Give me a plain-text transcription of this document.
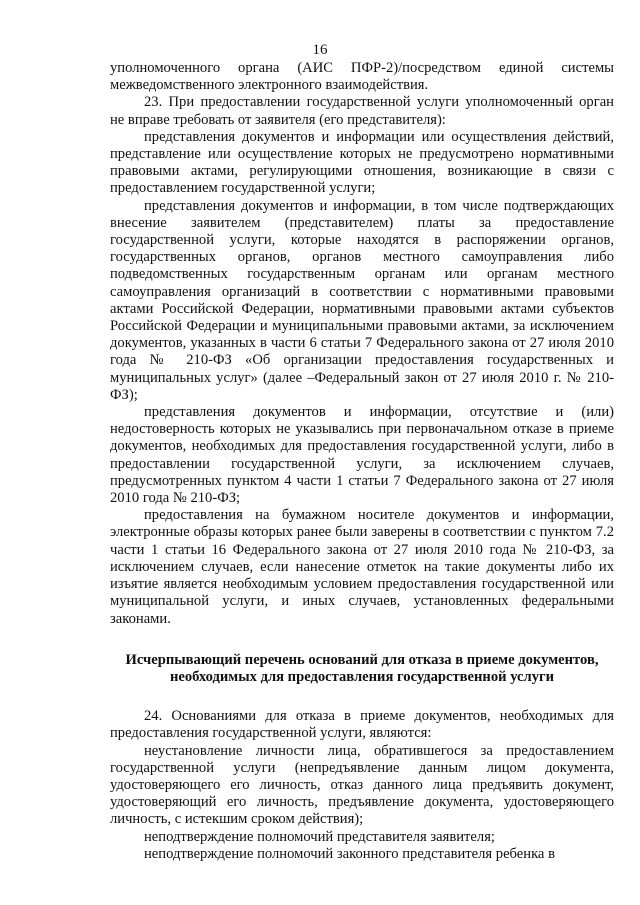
16

уполномоченного органа (АИС ПФР-2)/посредством единой системы межведомственного электронного взаимодействия.

23. При предоставлении государственной услуги уполномоченный орган не вправе требовать от заявителя (его представителя):

представления документов и информации или осуществления действий, представление или осуществление которых не предусмотрено нормативными правовыми актами, регулирующими отношения, возникающие в связи с предоставлением государственной услуги;

представления документов и информации, в том числе подтверждающих внесение заявителем (представителем) платы за предоставление государственной услуги, которые находятся в распоряжении органов, государственных органов, органов местного самоуправления либо подведомственных государственным органам или органам местного самоуправления организаций в соответствии с нормативными правовыми актами Российской Федерации, нормативными правовыми актами субъектов Российской Федерации и муниципальными правовыми актами, за исключением документов, указанных в части 6 статьи 7 Федерального закона от 27 июля 2010 года № 210-ФЗ «Об организации предоставления государственных и муниципальных услуг» (далее –Федеральный закон от 27 июля 2010 г. № 210-ФЗ);

представления документов и информации, отсутствие и (или) недостоверность которых не указывались при первоначальном отказе в приеме документов, необходимых для предоставления государственной услуги, либо в предоставлении государственной услуги, за исключением случаев, предусмотренных пунктом 4 части 1 статьи 7 Федерального закона от 27 июля 2010 года № 210-ФЗ;

предоставления на бумажном носителе документов и информации, электронные образы которых ранее были заверены в соответствии с пунктом 7.2 части 1 статьи 16 Федерального закона от 27 июля 2010 года № 210-ФЗ, за исключением случаев, если нанесение отметок на такие документы либо их изъятие является необходимым условием предоставления государственной или муниципальной услуги, и иных случаев, установленных федеральными законами.

Исчерпывающий перечень оснований для отказа в приеме документов, необходимых для предоставления государственной услуги

24. Основаниями для отказа в приеме документов, необходимых для предоставления государственной услуги, являются:

неустановление личности лица, обратившегося за предоставлением государственной услуги (непредъявление данным лицом документа, удостоверяющего его личность, отказ данного лица предъявить документ, удостоверяющий его личность, предъявление документа, удостоверяющего личность, с истекшим сроком действия);

неподтверждение полномочий представителя заявителя;

неподтверждение полномочий законного представителя ребенка в
